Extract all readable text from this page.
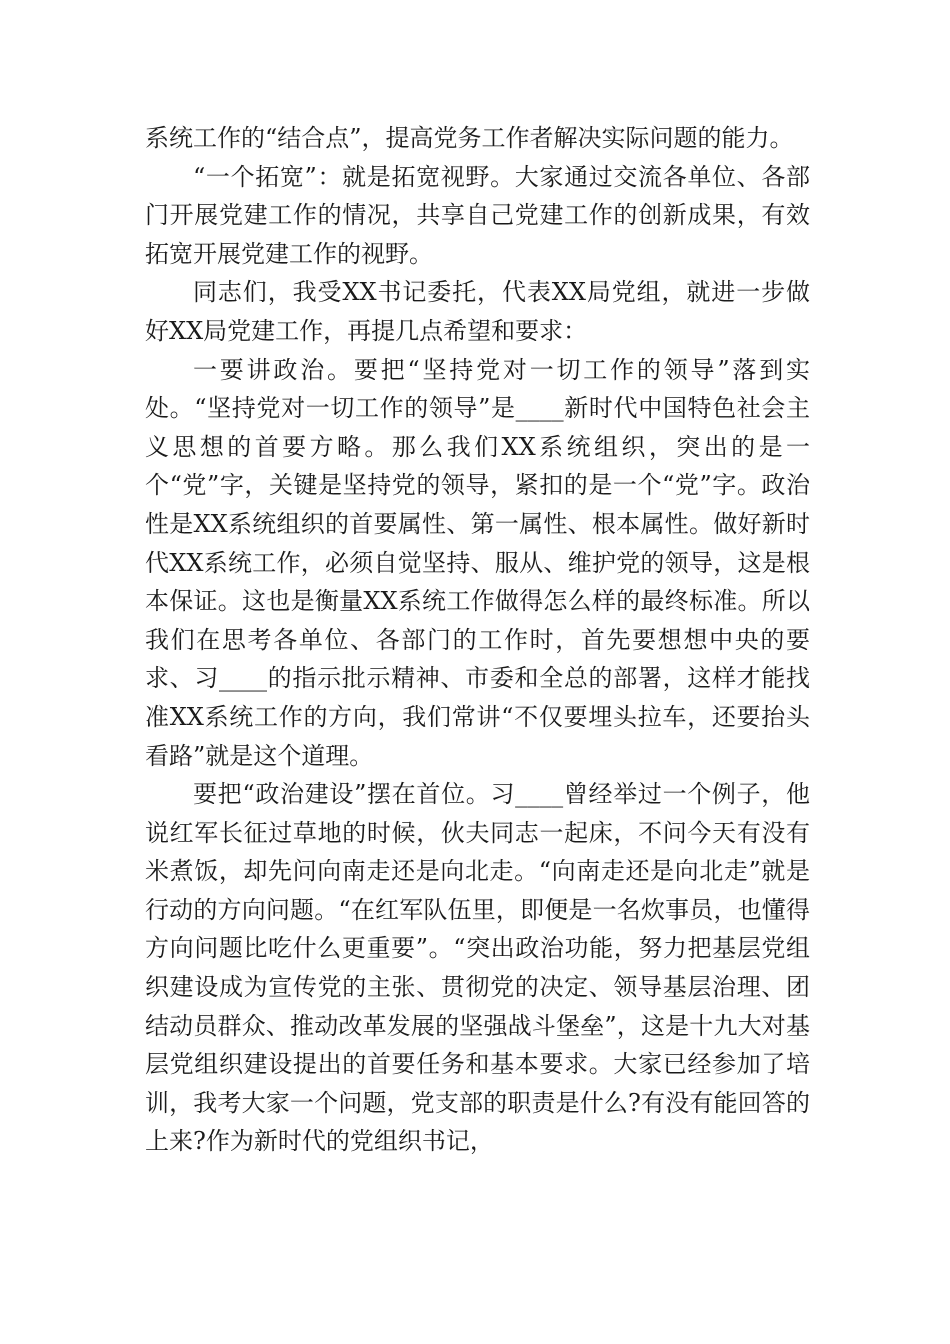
系统工作的“结合点”，提高党务工作者解决实际问题的能力。

“一个拓宽”：就是拓宽视野。大家通过交流各单位、各部门开展党建工作的情况，共享自己党建工作的创新成果，有效拓宽开展党建工作的视野。

同志们，我受XX书记委托，代表XX局党组，就进一步做好XX局党建工作，再提几点希望和要求：

一要讲政治。要把“坚持党对一切工作的领导”落到实处。“坚持党对一切工作的领导”是____新时代中国特色社会主义思想的首要方略。那么我们XX系统组织，突出的是一个“党”字，关键是坚持党的领导，紧扣的是一个“党”字。政治性是XX系统组织的首要属性、第一属性、根本属性。做好新时代XX系统工作，必须自觉坚持、服从、维护党的领导，这是根本保证。这也是衡量XX系统工作做得怎么样的最终标准。所以我们在思考各单位、各部门的工作时，首先要想想中央的要求、习____的指示批示精神、市委和全总的部署，这样才能找准XX系统工作的方向，我们常讲“不仅要埋头拉车，还要抬头看路”就是这个道理。

要把“政治建设”摆在首位。习____曾经举过一个例子，他说红军长征过草地的时候，伙夫同志一起床，不问今天有没有米煮饭，却先问向南走还是向北走。“向南走还是向北走”就是行动的方向问题。“在红军队伍里，即便是一名炊事员，也懂得方向问题比吃什么更重要”。“突出政治功能，努力把基层党组织建设成为宣传党的主张、贯彻党的决定、领导基层治理、团结动员群众、推动改革发展的坚强战斗堡垒”，这是十九大对基层党组织建设提出的首要任务和基本要求。大家已经参加了培训，我考大家一个问题，党支部的职责是什么?有没有能回答的上来?作为新时代的党组织书记，
